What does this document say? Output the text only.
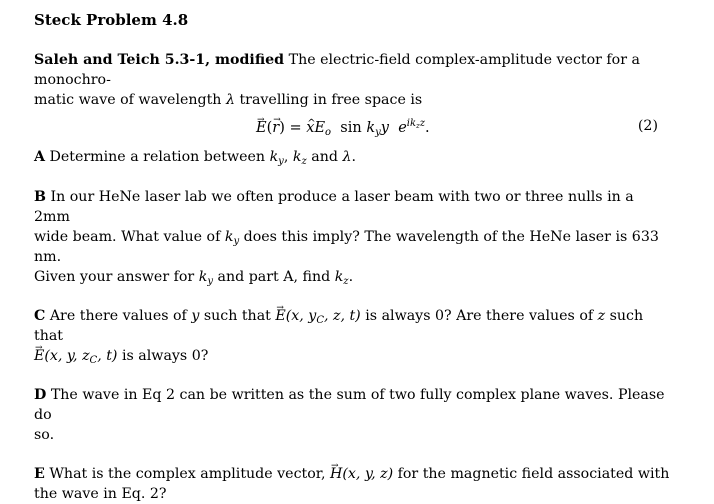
Steck Problem 4.8
Saleh and Teich 5.3-1, modified The electric-field complex-amplitude vector for a monochro-
matic wave of wavelength λ travelling in free space is
→ E(→ r) = ^ $xE_o$ $\sin k_yy$ $e^{ik_zz}$.	(2)
A Determine a relation between $k_y$, $k_z$ and λ.
B In our HeNe laser lab we often produce a laser beam with two or three nulls in a 2mm
wide beam. What value of $k_y$ does this imply? The wavelength of the HeNe laser is 633 nm.
Given your answer for $k_y$ and part A, find $k_z$.
C Are there values of y such that → E(x, $y_C$, z, t) is always 0? Are there values of z such that
→ E(x, y, $z_C$, t) is always 0?
D The wave in Eq 2 can be written as the sum of two fully complex plane waves. Please do
so.
E What is the complex amplitude vector, → H(x, y, z) for the magnetic field associated with
the wave in Eq. 2?
